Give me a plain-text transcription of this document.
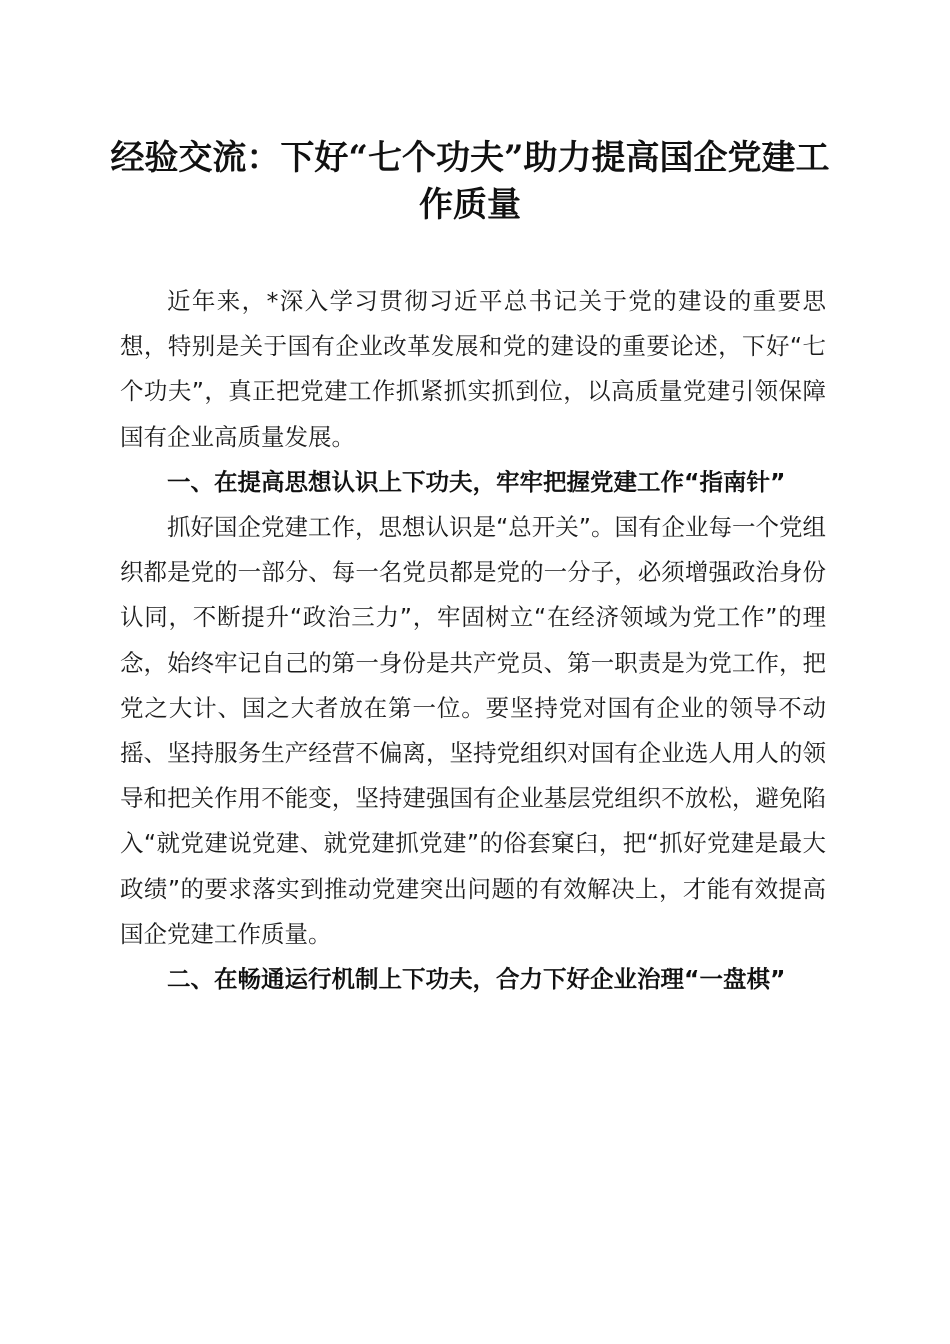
经验交流：下好“七个功夫”助力提高国企党建工作质量

近年来，*深入学习贯彻习近平总书记关于党的建设的重要思想，特别是关于国有企业改革发展和党的建设的重要论述，下好“七个功夫”，真正把党建工作抓紧抓实抓到位，以高质量党建引领保障国有企业高质量发展。

一、在提高思想认识上下功夫，牢牢把握党建工作“指南针”

抓好国企党建工作，思想认识是“总开关”。国有企业每一个党组织都是党的一部分、每一名党员都是党的一分子，必须增强政治身份认同，不断提升“政治三力”，牢固树立“在经济领域为党工作”的理念，始终牢记自己的第一身份是共产党员、第一职责是为党工作，把党之大计、国之大者放在第一位。要坚持党对国有企业的领导不动摇、坚持服务生产经营不偏离，坚持党组织对国有企业选人用人的领导和把关作用不能变，坚持建强国有企业基层党组织不放松，避免陷入“就党建说党建、就党建抓党建”的俗套窠臼，把“抓好党建是最大政绩”的要求落实到推动党建突出问题的有效解决上，才能有效提高国企党建工作质量。

二、在畅通运行机制上下功夫，合力下好企业治理“一盘棋”
